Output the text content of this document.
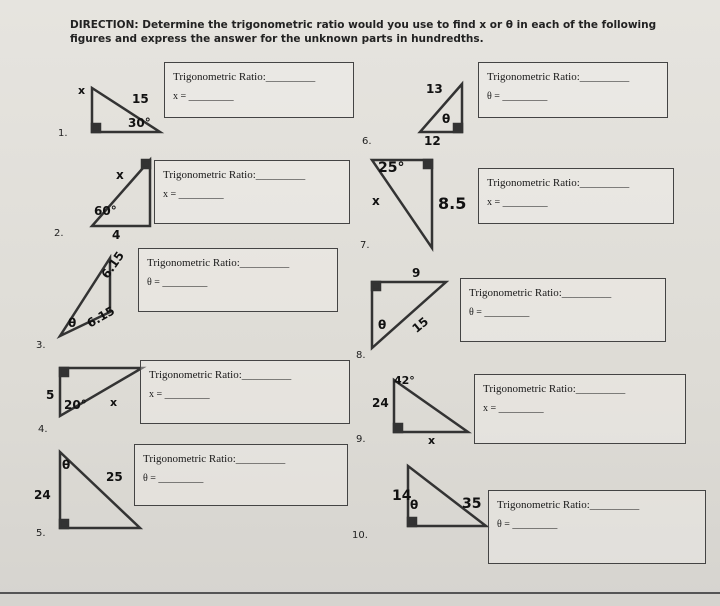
DIRECTION: Determine the trigonometric ratio would you use to find x or θ in each of the following figures and express the answer for the unknown parts in hundredths.
x
15
30°
x
60°
4
6.15
θ 6.15
5
20° x
θ
25
24
13
θ
12
25°
x	8.5
9
θ 15
42°
24
x
14
θ	35
1.
2.
3.
4.
5.
6.
7.
8.
9.
10.
Trigonometric Ratio:_________
x = _________
Trigonometric Ratio:_________
θ = _________
Trigonometric Ratio:_________
x = _________
Trigonometric Ratio:_________
x = _________
Trigonometric Ratio:_________
θ = _________
Trigonometric Ratio:_________
θ = _________
Trigonometric Ratio:_________
x = _________	Trigonometric Ratio:_________
x = _________
Trigonometric Ratio:_________
θ = _________
Trigonometric Ratio:_________
θ = _________
